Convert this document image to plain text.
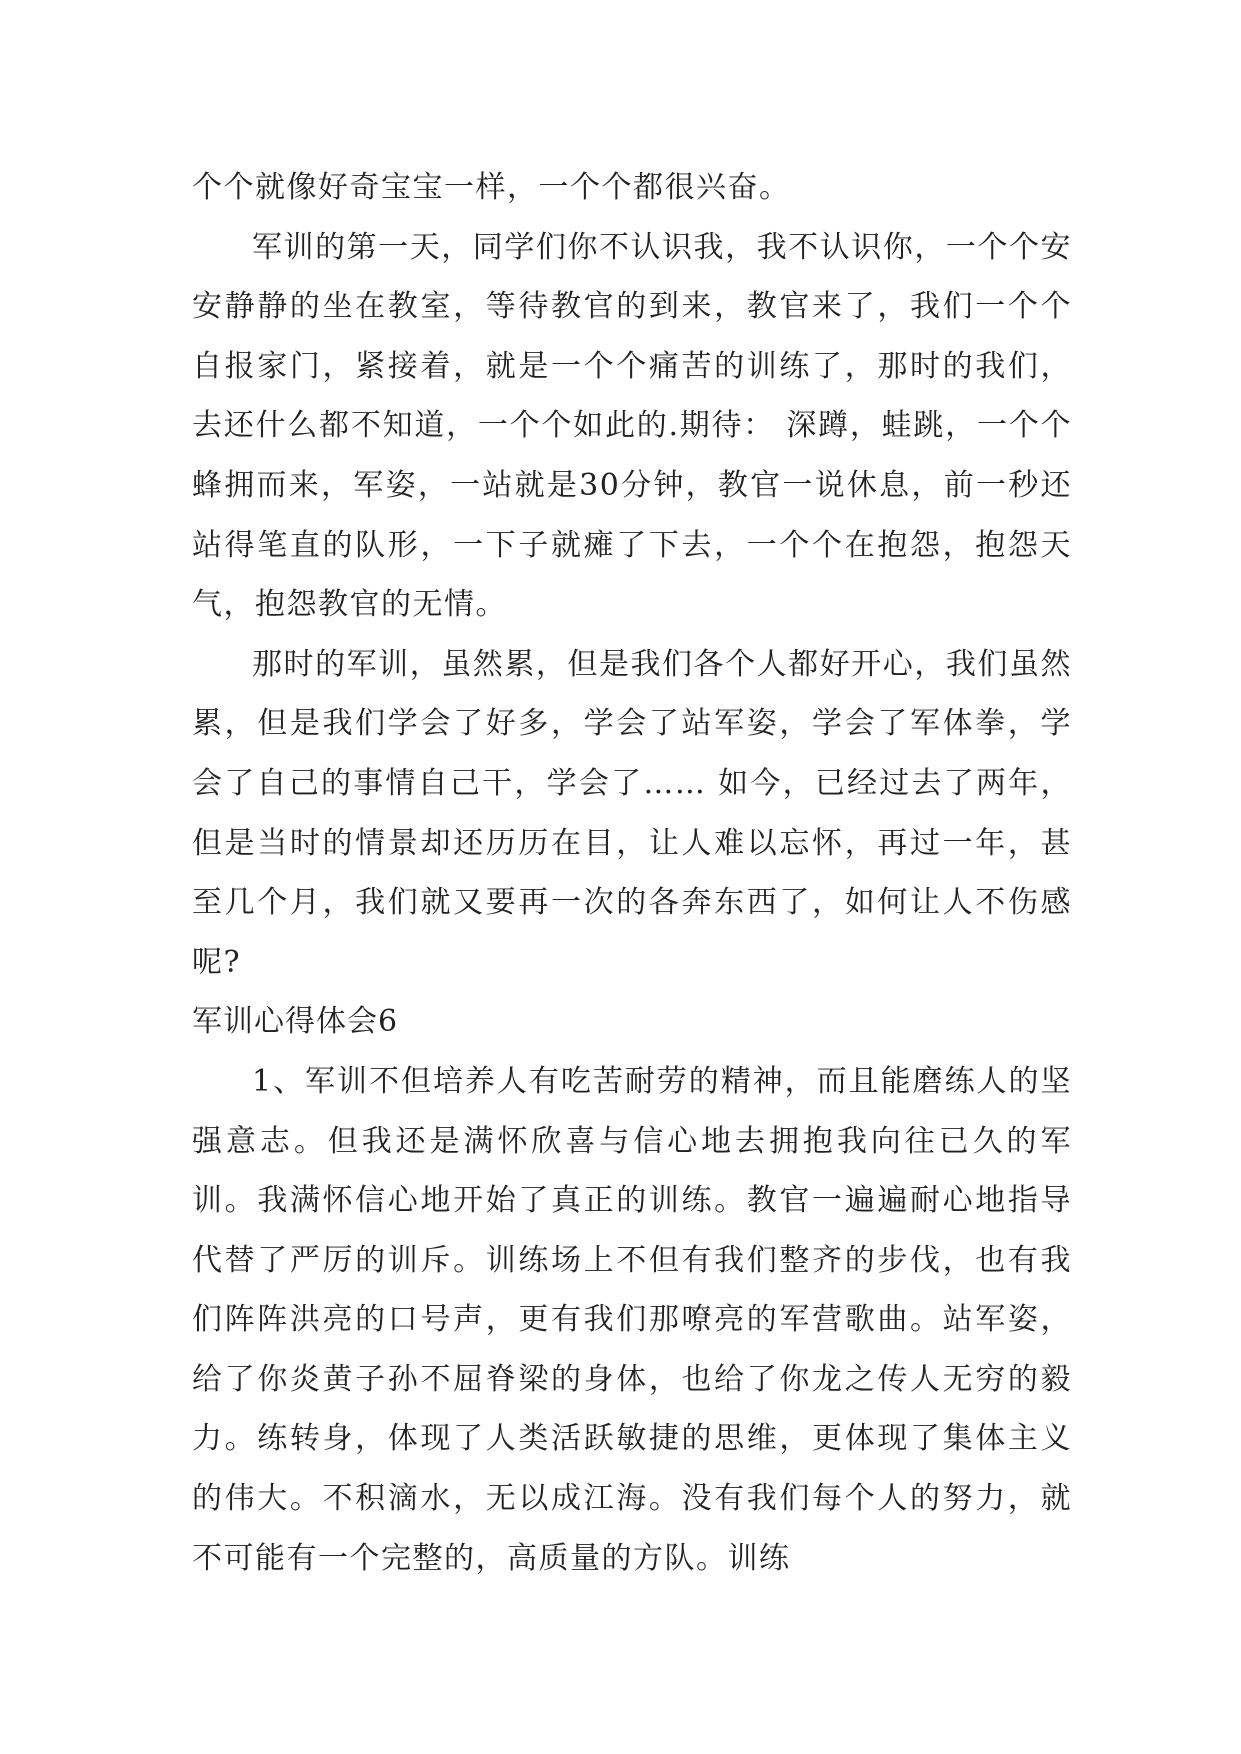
个个就像好奇宝宝一样，一个个都很兴奋。

军训的第一天，同学们你不认识我，我不认识你，一个个安安静静的坐在教室，等待教官的到来，教官来了，我们一个个自报家门，紧接着，就是一个个痛苦的训练了，那时的我们，去还什么都不知道，一个个如此的.期待： 深蹲，蛙跳，一个个蜂拥而来，军姿，一站就是30分钟，教官一说休息，前一秒还站得笔直的队形，一下子就瘫了下去，一个个在抱怨，抱怨天气，抱怨教官的无情。

那时的军训，虽然累，但是我们各个人都好开心，我们虽然累，但是我们学会了好多，学会了站军姿，学会了军体拳，学会了自己的事情自己干，学会了…… 如今，已经过去了两年，但是当时的情景却还历历在目，让人难以忘怀，再过一年，甚至几个月，我们就又要再一次的各奔东西了，如何让人不伤感呢?

军训心得体会6

1、军训不但培养人有吃苦耐劳的精神，而且能磨练人的坚强意志。但我还是满怀欣喜与信心地去拥抱我向往已久的军训。我满怀信心地开始了真正的训练。教官一遍遍耐心地指导代替了严厉的训斥。训练场上不但有我们整齐的步伐，也有我们阵阵洪亮的口号声，更有我们那嘹亮的军营歌曲。站军姿，给了你炎黄子孙不屈脊梁的身体，也给了你龙之传人无穷的毅力。练转身，体现了人类活跃敏捷的思维，更体现了集体主义的伟大。不积滴水，无以成江海。没有我们每个人的努力，就不可能有一个完整的，高质量的方队。训练
